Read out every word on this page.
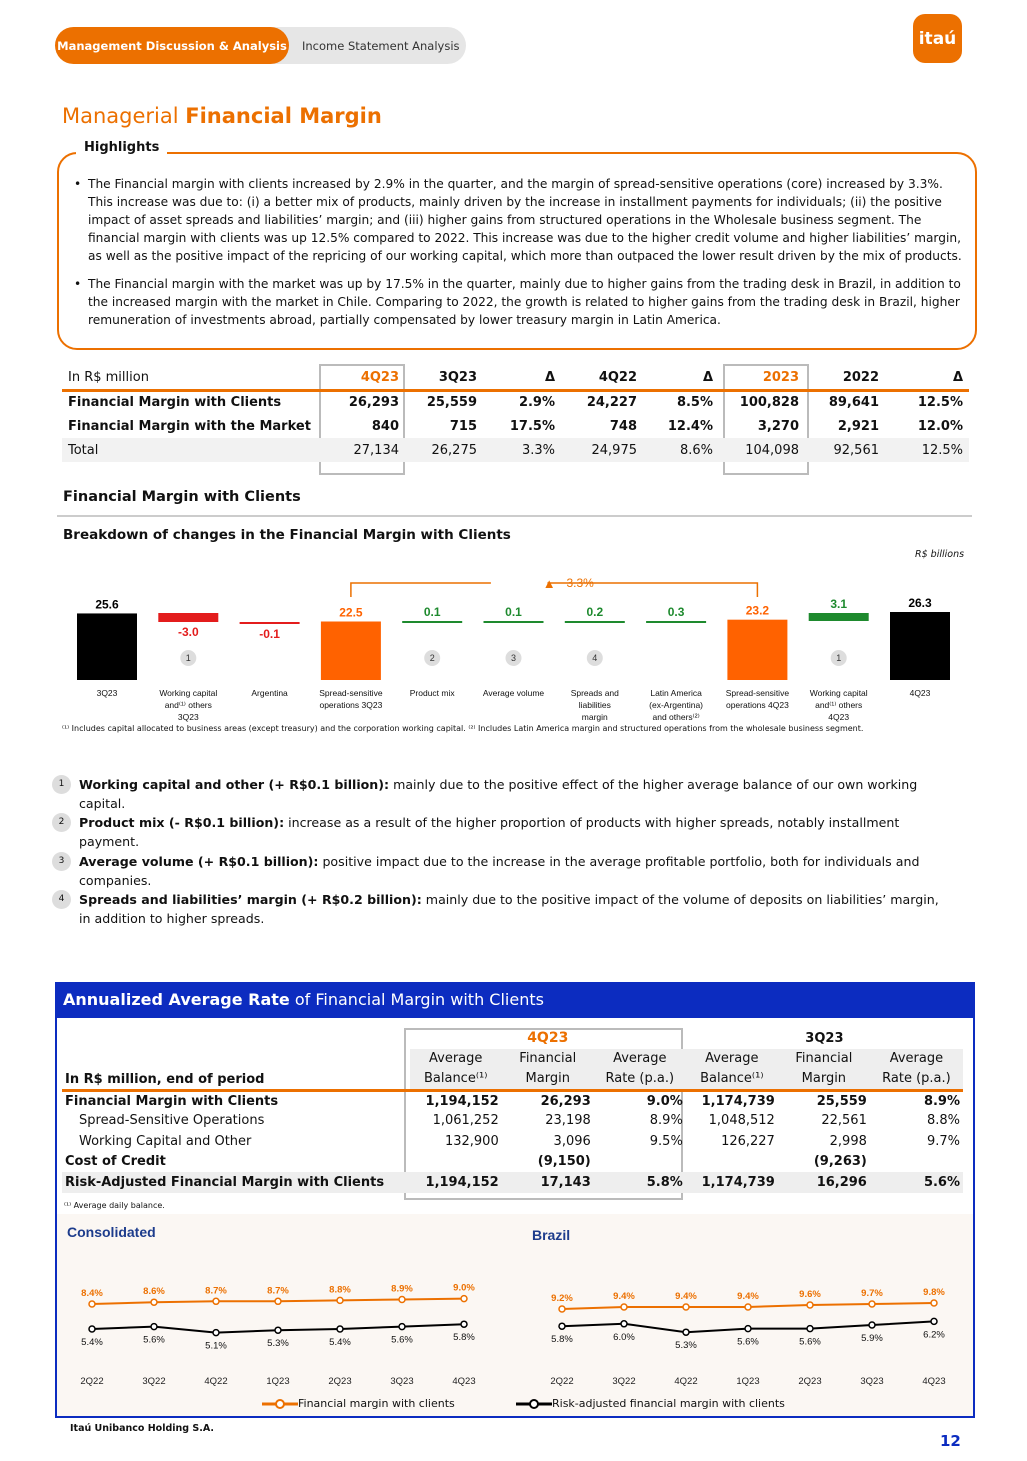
Income Statement Analysis
Management Discussion & Analysis	itaú
Managerial Financial Margin
Highlights
• The Financial margin with clients increased by 2.9% in the quarter, and the margin of spread-sensitive operations (core) increased by 3.3%. This increase was due to: (i) a better mix of products, mainly driven by the increase in installment payments for individuals; (ii) the positive impact of asset spreads and liabilities’ margin; and (iii) higher gains from structured operations in the Wholesale business segment. The financial margin with clients was up 12.5% compared to 2022. This increase was due to the higher credit volume and higher liabilities’ margin, as well as the positive impact of the repricing of our working capital, which more than outpaced the lower result driven by the mix of products.
• The Financial margin with the market was up by 17.5% in the quarter, mainly due to higher gains from the trading desk in Brazil, in addition to the increased margin with the market in Chile. Comparing to 2022, the growth is related to higher gains from the trading desk in Brazil, higher remuneration of investments abroad, partially compensated by lower treasury margin in Latin America.
In R$ million	4Q23	3Q23	Δ	4Q22	Δ	2023	2022	Δ
Financial Margin with Clients	26,293	25,559	2.9%	24,227	8.5%	100,828	89,641	12.5%
Financial Margin with the Market	840	715	17.5%	748	12.4%	3,270	2,921	12.0%
Total	27,134	26,275	3.3%	24,975	8.6%	104,098	92,561	12.5%
Financial Margin with Clients
Breakdown of changes in the Financial Margin with Clients
R$ billions
25.6
3Q23
-3.0
1
Working capital
and⁽¹⁾ others
3Q23
-0.1
Argentina
22.5
Spread-sensitive
operations 3Q23
0.1
2
Product mix
0.1
3
Average volume
0.2
4
Spreads and
liabilities
margin
0.3
Latin America
(ex-Argentina)
and others⁽²⁾
23.2
Spread-sensitive
operations 4Q23
3.1
1
Working capital
and⁽¹⁾ others
4Q23
26.3
4Q23
▲ 3.3%
⁽¹⁾ Includes capital allocated to business areas (except treasury) and the corporation working capital. ⁽²⁾ Includes Latin America margin and structured operations from the wholesale business segment.
1	Working capital and other (+ R$0.1 billion): mainly due to the positive effect of the higher average balance of our own working capital.
2	Product mix (- R$0.1 billion): increase as a result of the higher proportion of products with higher spreads, notably installment payment.
3	Average volume (+ R$0.1 billion): positive impact due to the increase in the average profitable portfolio, both for individuals and companies.
4	Spreads and liabilities’ margin (+ R$0.2 billion): mainly due to the positive impact of the volume of deposits on liabilities’ margin, in addition to higher spreads.
Annualized Average Rate of Financial Margin with Clients
	4Q23			3Q23		
In R$ million, end of period	Average Balance⁽¹⁾	Financial Margin	Average Rate (p.a.)	Average Balance⁽¹⁾	Financial Margin	Average Rate (p.a.)
Financial Margin with Clients	1,194,152	26,293	9.0%	1,174,739	25,559	8.9%
Spread-Sensitive Operations	1,061,252	23,198	8.9%	1,048,512	22,561	8.8%
Working Capital and Other	132,900	3,096	9.5%	126,227	2,998	9.7%
Cost of Credit		(9,150)			(9,263)	
Risk-Adjusted Financial Margin with Clients	1,194,152	17,143	5.8%	1,174,739	16,296	5.6%
⁽¹⁾ Average daily balance.
Consolidated
2Q22	3Q22	4Q22	1Q23	2Q23	3Q23	4Q23
8.4%	8.6%	8.7%	8.7%	8.8%	8.9%	9.0%
5.4%	5.6%
5.1%	5.3%	5.4%	5.6%	5.8%
Brazil
2Q22	3Q22	4Q22	1Q23	2Q23	3Q23	4Q23
9.2%	9.4%	9.4%	9.4%	9.6%	9.7%	9.8%
5.8%	6.0%
5.3%	5.6%	5.6%	5.9%	6.2%
Financial margin with clients	Risk-adjusted financial margin with clients
Itaú Unibanco Holding S.A.
12
